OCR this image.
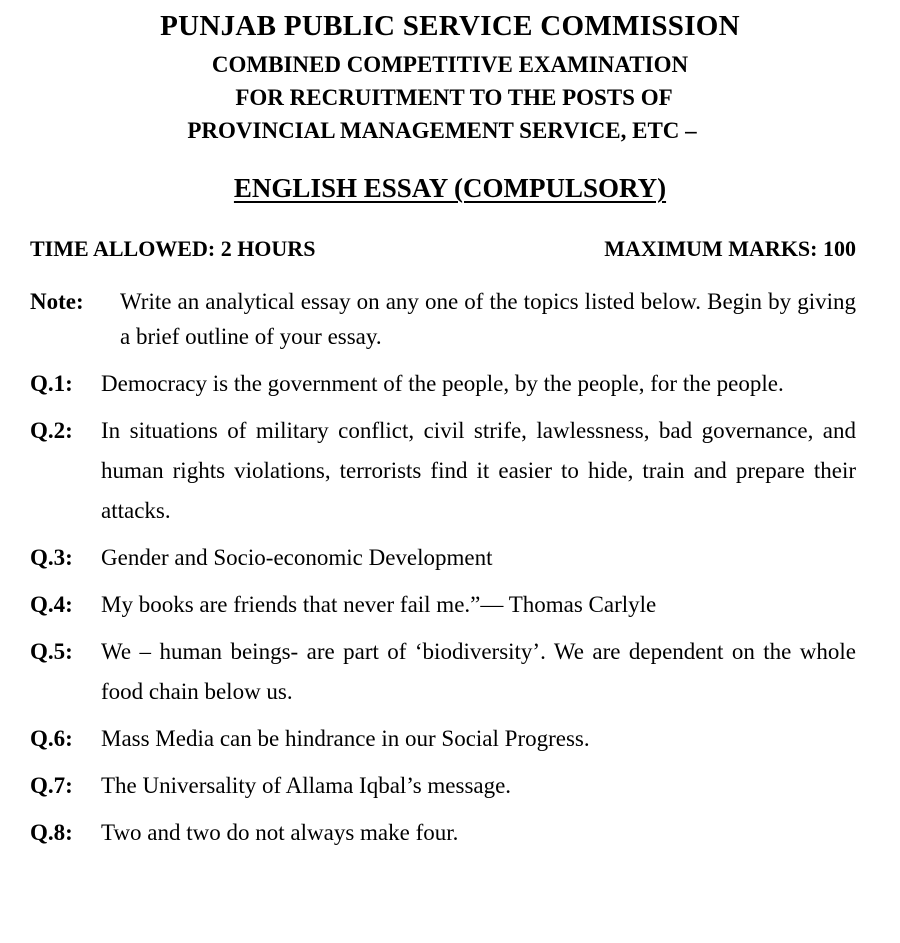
PUNJAB PUBLIC SERVICE COMMISSION
COMBINED COMPETITIVE EXAMINATION
FOR RECRUITMENT TO THE POSTS OF
PROVINCIAL MANAGEMENT SERVICE, ETC –
ENGLISH ESSAY (COMPULSORY)
TIME ALLOWED: 2 HOURS	MAXIMUM MARKS: 100
Note:	Write an analytical essay on any one of the topics listed below. Begin by giving a brief outline of your essay.
Q.1:	Democracy is the government of the people, by the people, for the people.
Q.2:	In situations of military conflict, civil strife, lawlessness, bad governance, and human rights violations, terrorists find it easier to hide, train and prepare their attacks.
Q.3:	Gender and Socio-economic Development
Q.4:	My books are friends that never fail me.”— Thomas Carlyle
Q.5:	We – human beings- are part of ‘biodiversity’. We are dependent on the whole food chain below us.
Q.6:	Mass Media can be hindrance in our Social Progress.
Q.7:	The Universality of Allama Iqbal’s message.
Q.8:	Two and two do not always make four.
